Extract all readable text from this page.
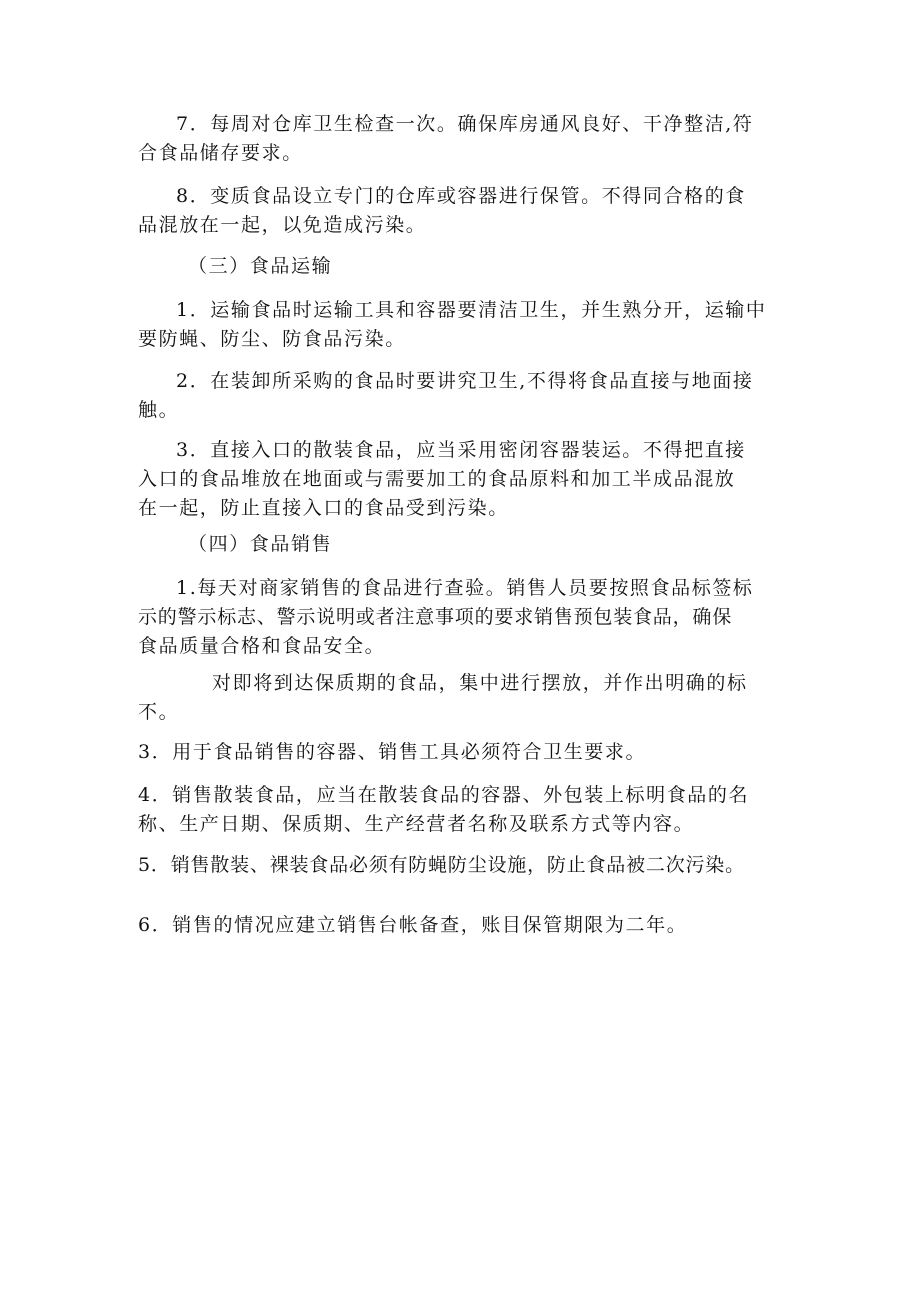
7．每周对仓库卫生检查一次。确保库房通风良好、干净整洁,符
合食品储存要求。
8．变质食品设立专门的仓库或容器进行保管。不得同合格的食
品混放在一起，以免造成污染。
（三）食品运输
1．运输食品时运输工具和容器要清洁卫生，并生熟分开，运输中
要防蝇、防尘、防食品污染。
2．在装卸所采购的食品时要讲究卫生,不得将食品直接与地面接
触。
3．直接入口的散装食品，应当采用密闭容器装运。不得把直接
入口的食品堆放在地面或与需要加工的食品原料和加工半成品混放
在一起，防止直接入口的食品受到污染。
（四）食品销售
1.每天对商家销售的食品进行查验。销售人员要按照食品标签标
示的警示标志、警示说明或者注意事项的要求销售预包装食品，确保
食品质量合格和食品安全。
对即将到达保质期的食品，集中进行摆放，并作出明确的标
不。
3．用于食品销售的容器、销售工具必须符合卫生要求。
4．销售散装食品，应当在散装食品的容器、外包装上标明食品的名
称、生产日期、保质期、生产经营者名称及联系方式等内容。
5．销售散装、裸装食品必须有防蝇防尘设施，防止食品被二次污染。
6．销售的情况应建立销售台帐备查，账目保管期限为二年。
